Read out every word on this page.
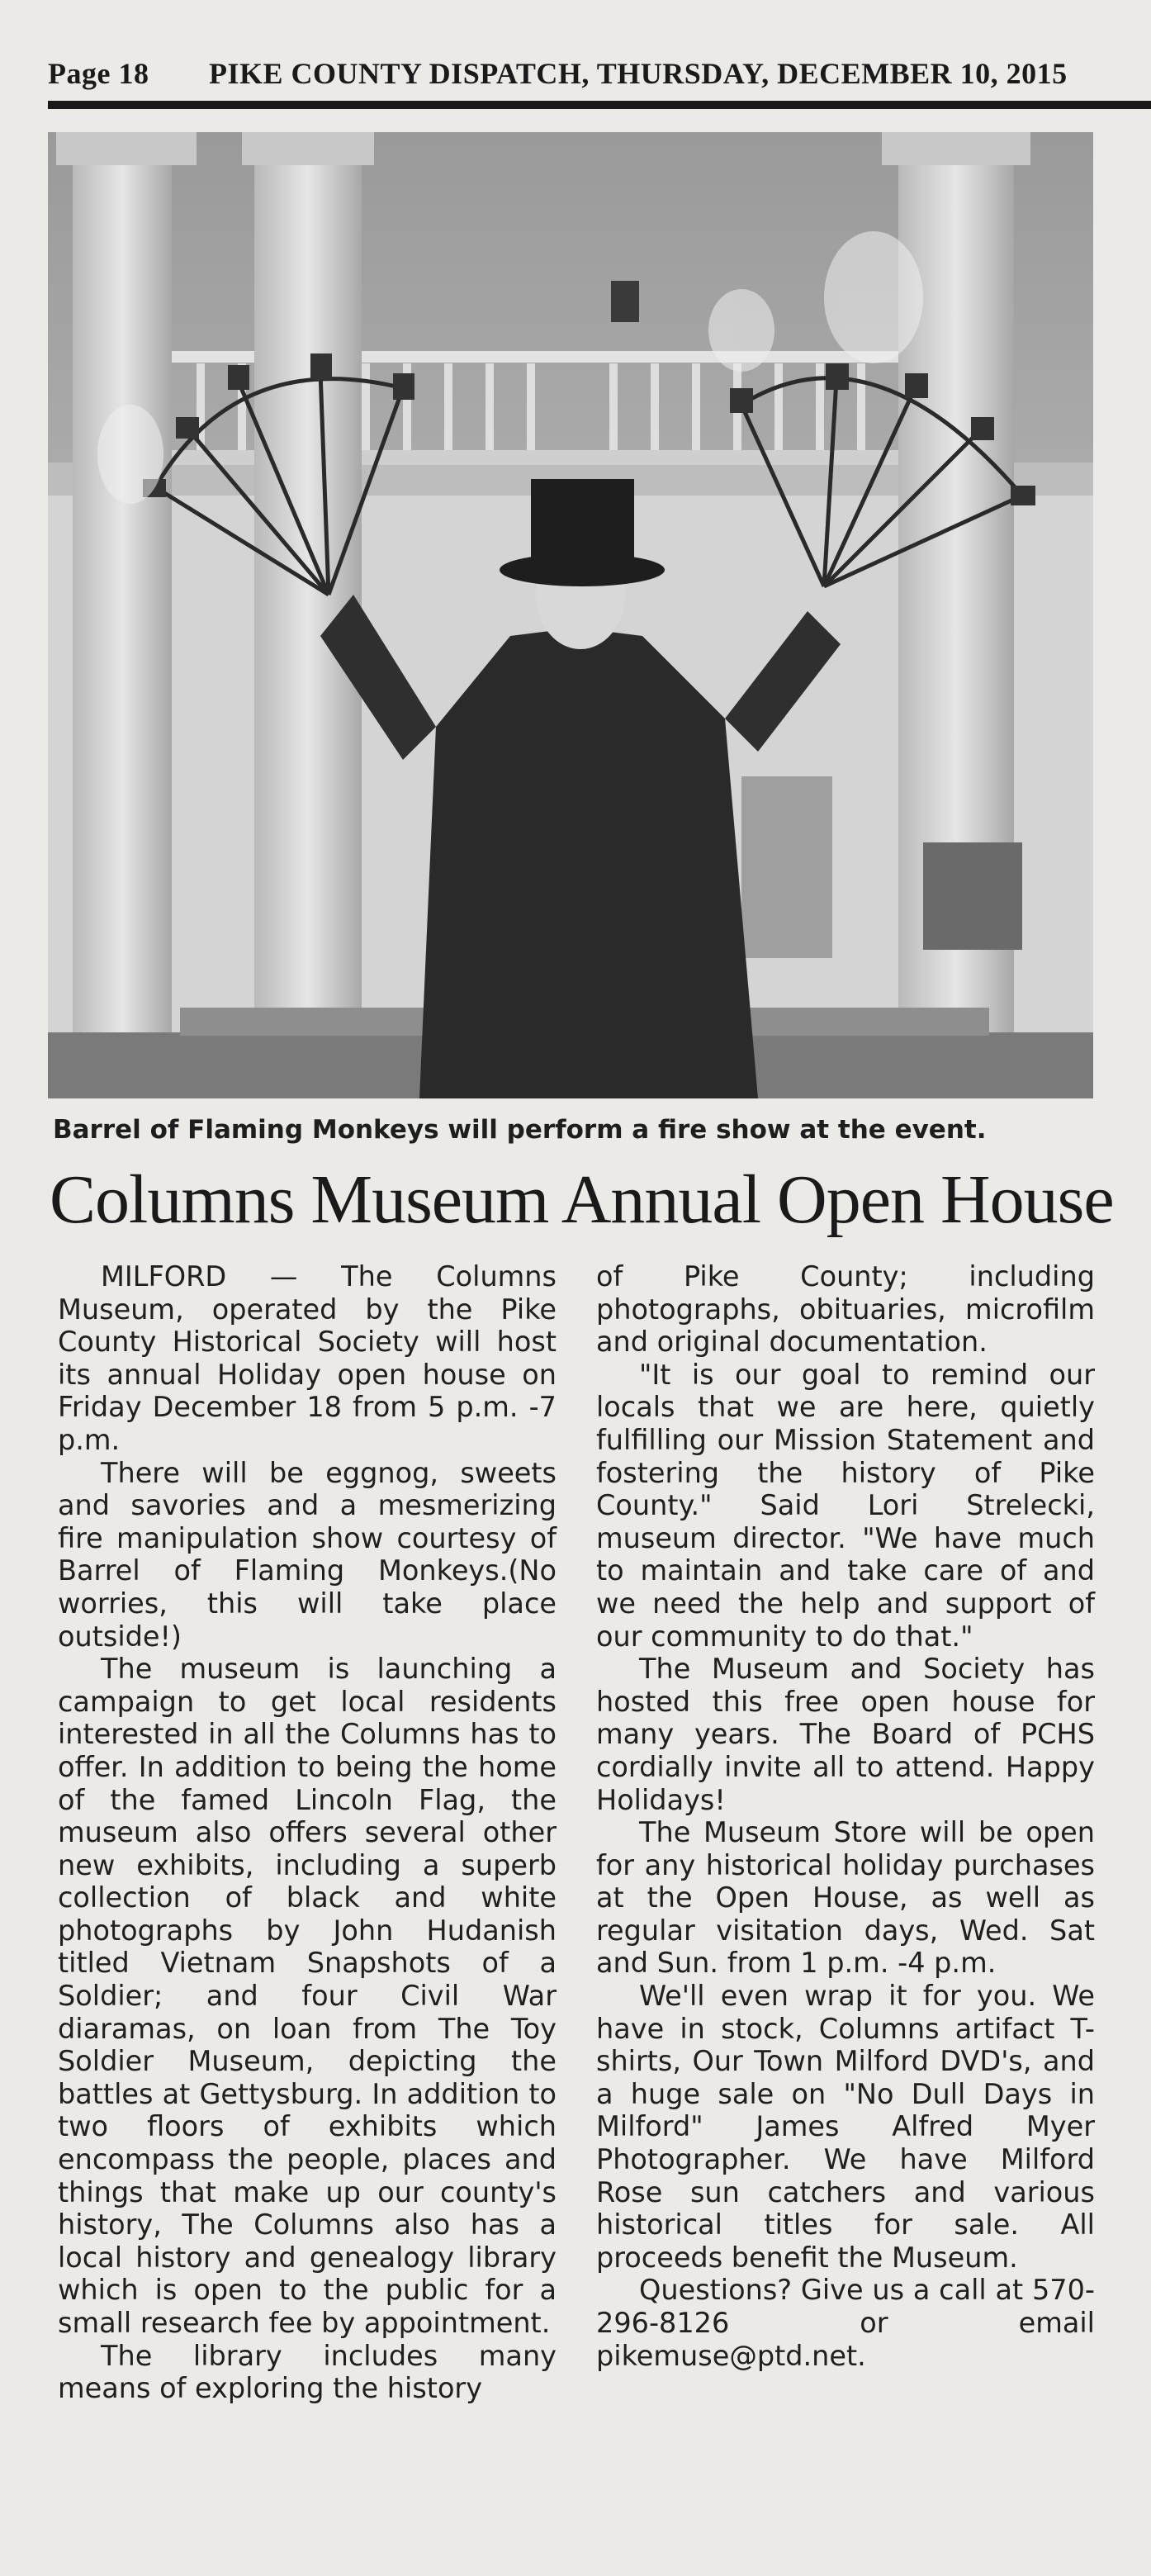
Page 18 PIKE COUNTY DISPATCH, THURSDAY, DECEMBER 10, 2015
Barrel of Flaming Monkeys will perform a fire show at the event.
Columns Museum Annual Open House

MILFORD — The Columns Museum, operated by the Pike County Historical Society will host its annual Holiday open house on Friday December 18 from 5 p.m. -7 p.m.

There will be eggnog, sweets and savories and a mesmerizing fire manipulation show courtesy of Barrel of Flaming Monkeys.(No worries, this will take place outside!)

The museum is launching a campaign to get local residents interested in all the Columns has to offer. In addition to being the home of the famed Lincoln Flag, the museum also offers several other new exhibits, including a superb collection of black and white photographs by John Hudanish titled Vietnam Snapshots of a Soldier; and four Civil War diaramas, on loan from The Toy Soldier Museum, depicting the battles at Gettysburg. In addition to two floors of exhibits which encompass the people, places and things that make up our county's history, The Columns also has a local history and genealogy library which is open to the public for a small research fee by appointment.

The library includes many means of exploring the history

of Pike County; including photographs, obituaries, microfilm and original documentation.

"It is our goal to remind our locals that we are here, quietly fulfilling our Mission Statement and fostering the history of Pike County." Said Lori Strelecki, museum director. "We have much to maintain and take care of and we need the help and support of our community to do that."

The Museum and Society has hosted this free open house for many years. The Board of PCHS cordially invite all to attend. Happy Holidays!

The Museum Store will be open for any historical holiday purchases at the Open House, as well as regular visitation days, Wed. Sat and Sun. from 1 p.m. -4 p.m.

We'll even wrap it for you. We have in stock, Columns artifact T-shirts, Our Town Milford DVD's, and a huge sale on "No Dull Days in Milford" James Alfred Myer Photographer. We have Milford Rose sun catchers and various historical titles for sale. All proceeds benefit the Museum.

Questions? Give us a call at 570-296-8126 or email pikemuse@ptd.net.
